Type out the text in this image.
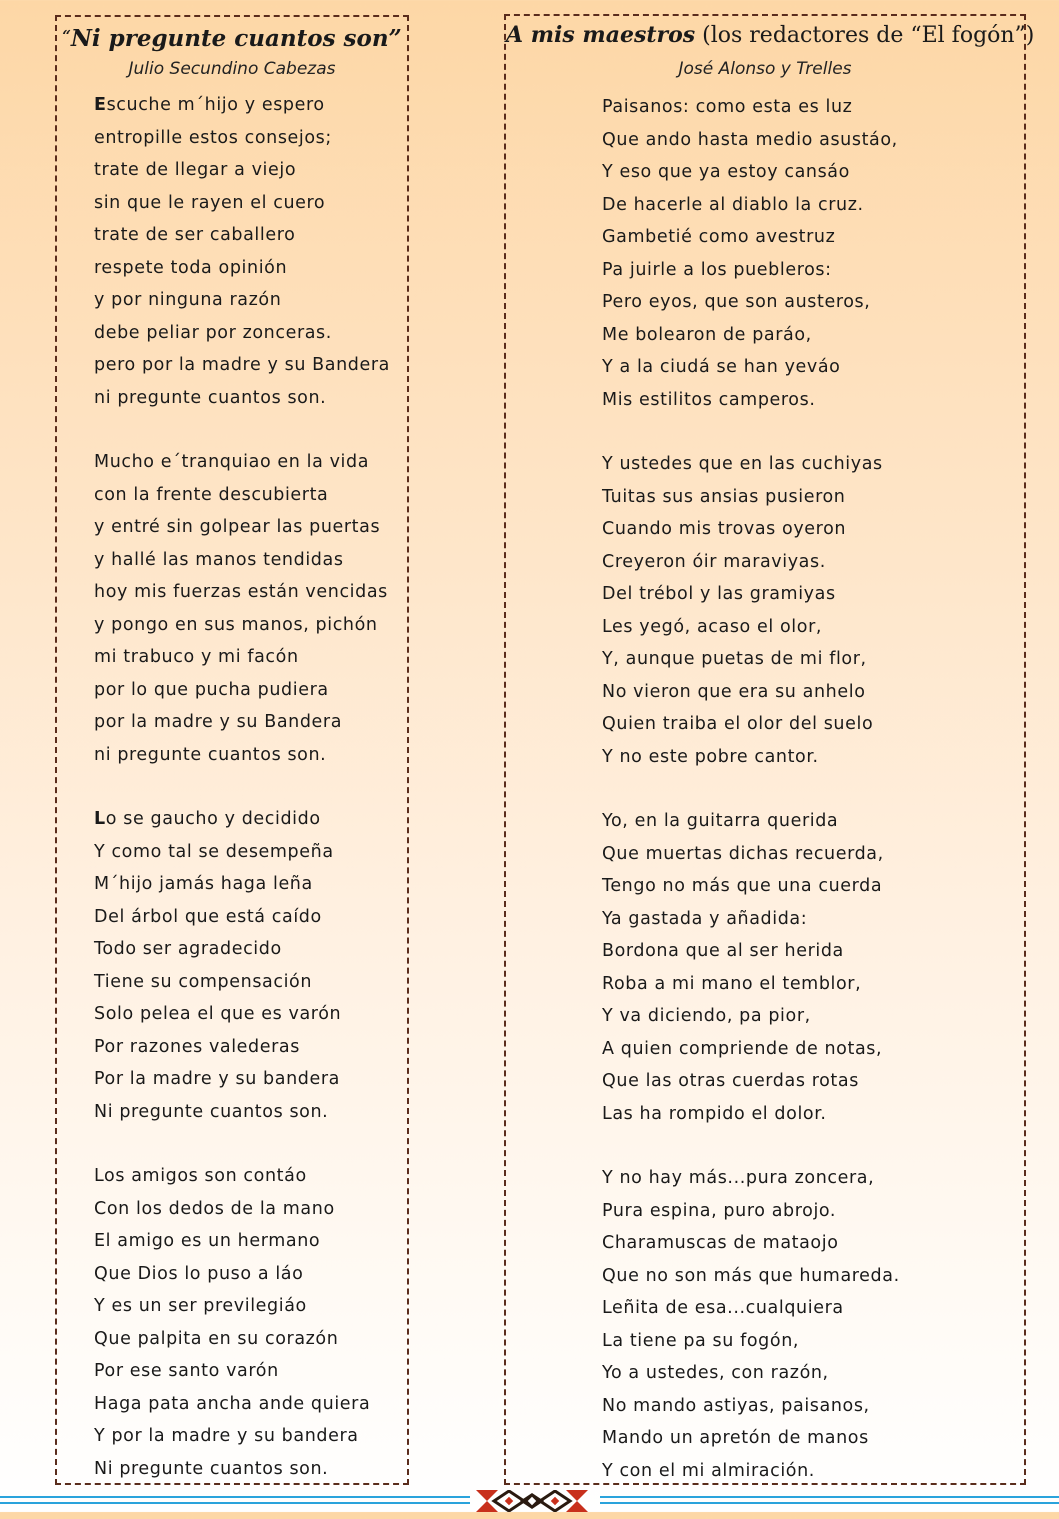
“Ni pregunte cuantos son”
Julio Secundino Cabezas
Escuche m´hijo y espero
entropille estos consejos;
trate de llegar a viejo
sin que le rayen el cuero
trate de ser caballero
respete toda opinión
y por ninguna razón
debe peliar por zonceras.
pero por la madre y su Bandera
ni pregunte cuantos son.
Mucho e´tranquiao en la vida
con la frente descubierta
y entré sin golpear las puertas
y hallé las manos tendidas
hoy mis fuerzas están vencidas
y pongo en sus manos, pichón
mi trabuco y mi facón
por lo que pucha pudiera
por la madre y su Bandera
ni pregunte cuantos son.
Lo se gaucho y decidido
Y como tal se desempeña
M´hijo jamás haga leña
Del árbol que está caído
Todo ser agradecido
Tiene su compensación
Solo pelea el que es varón
Por razones valederas
Por la madre y su bandera
Ni pregunte cuantos son.
Los amigos son contáo
Con los dedos de la mano
El amigo es un hermano
Que Dios lo puso a láo
Y es un ser previlegiáo
Que palpita en su corazón
Por ese santo varón
Haga pata ancha ande quiera
Y por la madre y su bandera
Ni pregunte cuantos son.
A mis maestros (los redactores de “El fogón”)
José Alonso y Trelles
Paisanos: como esta es luz
Que ando hasta medio asustáo,
Y eso que ya estoy cansáo
De hacerle al diablo la cruz.
Gambetié como avestruz
Pa juirle a los puebleros:
Pero eyos, que son austeros,
Me bolearon de paráo,
Y a la ciudá se han yeváo
Mis estilitos camperos.
Y ustedes que en las cuchiyas
Tuitas sus ansias pusieron
Cuando mis trovas oyeron
Creyeron óir maraviyas.
Del trébol y las gramiyas
Les yegó, acaso el olor,
Y, aunque puetas de mi flor,
No vieron que era su anhelo
Quien traiba el olor del suelo
Y no este pobre cantor.
Yo, en la guitarra querida
Que muertas dichas recuerda,
Tengo no más que una cuerda
Ya gastada y añadida:
Bordona que al ser herida
Roba a mi mano el temblor,
Y va diciendo, pa pior,
A quien compriende de notas,
Que las otras cuerdas rotas
Las ha rompido el dolor.
Y no hay más...pura zoncera,
Pura espina, puro abrojo.
Charamuscas de mataojo
Que no son más que humareda.
Leñita de esa...cualquiera
La tiene pa su fogón,
Yo a ustedes, con razón,
No mando astiyas, paisanos,
Mando un apretón de manos
Y con el mi almiración.
